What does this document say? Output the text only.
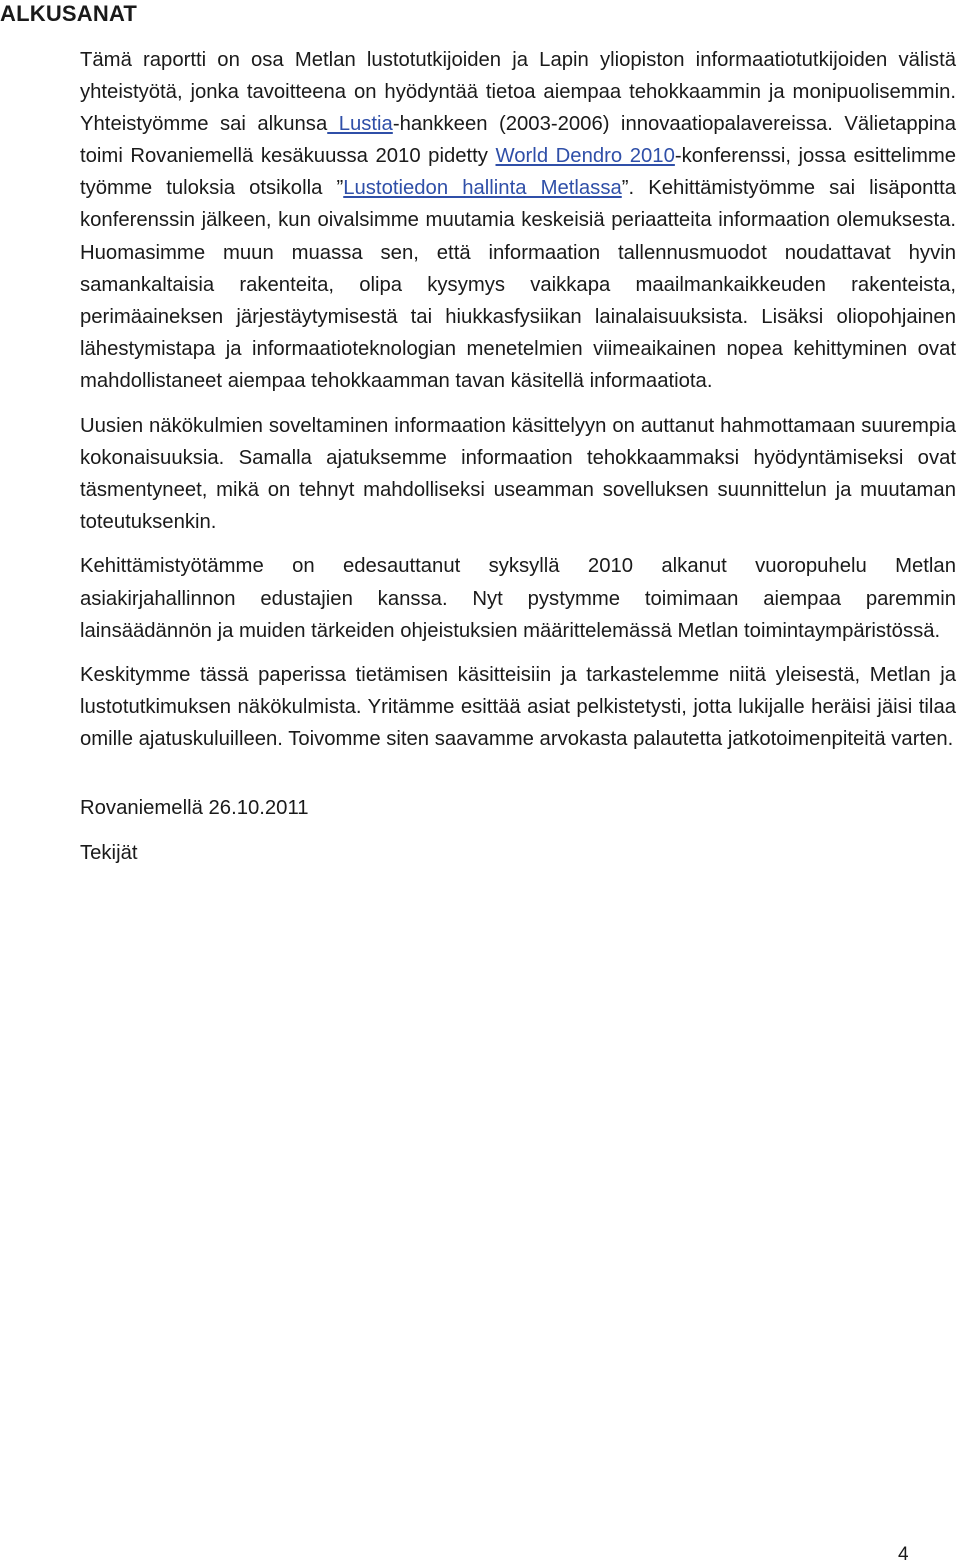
ALKUSANAT

Tämä raportti on osa Metlan lustotutkijoiden ja Lapin yliopiston informaatiotutkijoiden välistä yhteistyötä, jonka tavoitteena on hyödyntää tietoa aiempaa tehokkaammin ja monipuolisemmin. Yhteistyömme sai alkunsa Lustia-hankkeen (2003-2006) innovaatiopalavereissa. Välietappina toimi Rovaniemellä kesäkuussa 2010 pidetty World Dendro 2010-konferenssi, jossa esittelimme työmme tuloksia otsikolla ”Lustotiedon hallinta Metlassa”. Kehittämistyömme sai lisäpontta konferenssin jälkeen, kun oivalsimme muutamia keskeisiä periaatteita informaation olemuksesta. Huomasimme muun muassa sen, että informaation tallennusmuodot noudattavat hyvin samankaltaisia rakenteita, olipa kysymys vaikkapa maailmankaikkeuden rakenteista, perimäaineksen järjestäytymisestä tai hiukkasfysiikan lainalaisuuksista. Lisäksi oliopohjainen lähestymistapa ja informaatioteknologian menetelmien viimeaikainen nopea kehittyminen ovat mahdollistaneet aiempaa tehokkaamman tavan käsitellä informaatiota.

Uusien näkökulmien soveltaminen informaation käsittelyyn on auttanut hahmottamaan suurempia kokonaisuuksia. Samalla ajatuksemme informaation tehokkaammaksi hyödyntämiseksi ovat täsmentyneet, mikä on tehnyt mahdolliseksi useamman sovelluksen suunnittelun ja muutaman toteutuksenkin.

Kehittämistyötämme on edesauttanut syksyllä 2010 alkanut vuoropuhelu Metlan asiakirjahallinnon edustajien kanssa. Nyt pystymme toimimaan aiempaa paremmin lainsäädännön ja muiden tärkeiden ohjeistuksien määrittelemässä Metlan toimintaympäristössä.

Keskitymme tässä paperissa tietämisen käsitteisiin ja tarkastelemme niitä yleisestä, Metlan ja lustotutkimuksen näkökulmista. Yritämme esittää asiat pelkistetysti, jotta lukijalle heräisi jäisi tilaa omille ajatuskuluilleen. Toivomme siten saavamme arvokasta palautetta jatkotoimenpiteitä varten.

Rovaniemellä 26.10.2011

Tekijät

4
